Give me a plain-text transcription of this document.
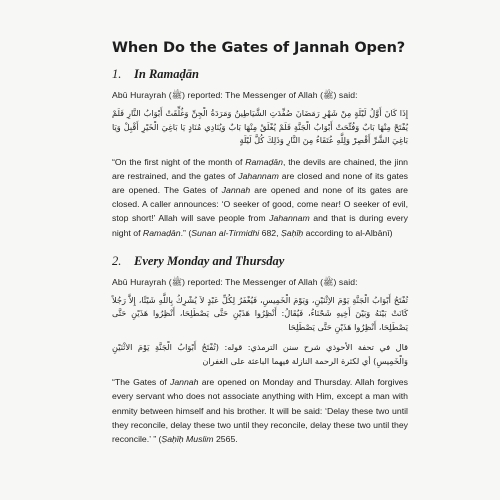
When Do the Gates of Jannah Open?
1.	In Ramaḍān

Abū Hurayrah (ﷺ) reported: The Messenger of Allah (ﷺ) said:

إِذَا كَانَ أَوَّلُ لَيْلَةٍ مِنْ شَهْرِ رَمَضَانَ صُفِّدَتِ الشَّيَاطِينُ وَمَرَدَةُ الْجِنِّ وَغُلِّقَتْ أَبْوَابُ النَّارِ فَلَمْ يُفْتَحْ مِنْهَا بَابٌ وَفُتِّحَتْ أَبْوَابُ الْجَنَّةِ فَلَمْ يُغْلَقْ مِنْهَا بَابٌ وَيُنَادِي مُنَادٍ يَا بَاغِيَ الْخَيْرِ أَقْبِلْ وَيَا بَاغِيَ الشَّرِّ أَقْصِرْ وَلِلَّهِ عُتَقَاءُ مِنَ النَّارِ وَذَلِكَ كُلَّ لَيْلَةٍ

“On the first night of the month of Ramaḍān, the devils are chained, the jinn are restrained, and the gates of Jahannam are closed and none of its gates are opened. The Gates of Jannah are opened and none of its gates are closed. A caller announces: ‘O seeker of good, come near! O seeker of evil, stop short!’ Allah will save people from Jahannam and that is during every night of Ramaḍān.” (Sunan al-Tirmidhi 682, Ṣaḥīḥ according to al-Albānī)

2.	Every Monday and Thursday

Abū Hurayrah (ﷺ) reported: The Messenger of Allah (ﷺ) said:

تُفْتَحُ أَبْوَابُ الْجَنَّةِ يَوْمَ الاِثْنَيْنِ، وَيَوْمَ الْخَمِيسِ، فَيُغْفَرُ لِكُلِّ عَبْدٍ لاَ يُشْرِكُ بِاللَّهِ شَيْئًا، إِلاَّ رَجُلاً كَانَتْ بَيْنَهُ وَبَيْنَ أَخِيهِ شَحْنَاءُ، فَيُقَالُ: أَنْظِرُوا هَذَيْنِ حَتَّى يَصْطَلِحَا، أَنْظِرُوا هَذَيْنِ حَتَّى يَصْطَلِحَا، أَنْظِرُوا هَذَيْنِ حَتَّى يَصْطَلِحَا

قال في تحفة الأحوذي شرح سنن الترمذي: قوله: (تُفْتَحُ أَبْوَابُ الْجَنَّةِ يَوْمَ الاثْنَيْنِ وَالْخَمِيسِ) أي لكثرة الرحمة النازلة فيهما الباعثة على الغفران

“The Gates of Jannah are opened on Monday and Thursday. Allah forgives every servant who does not associate anything with Him, except a man with enmity between himself and his brother. It will be said: ‘Delay these two until they reconcile, delay these two until they reconcile, delay these two until they reconcile.’ ” (Ṣaḥīḥ Muslim 2565.
